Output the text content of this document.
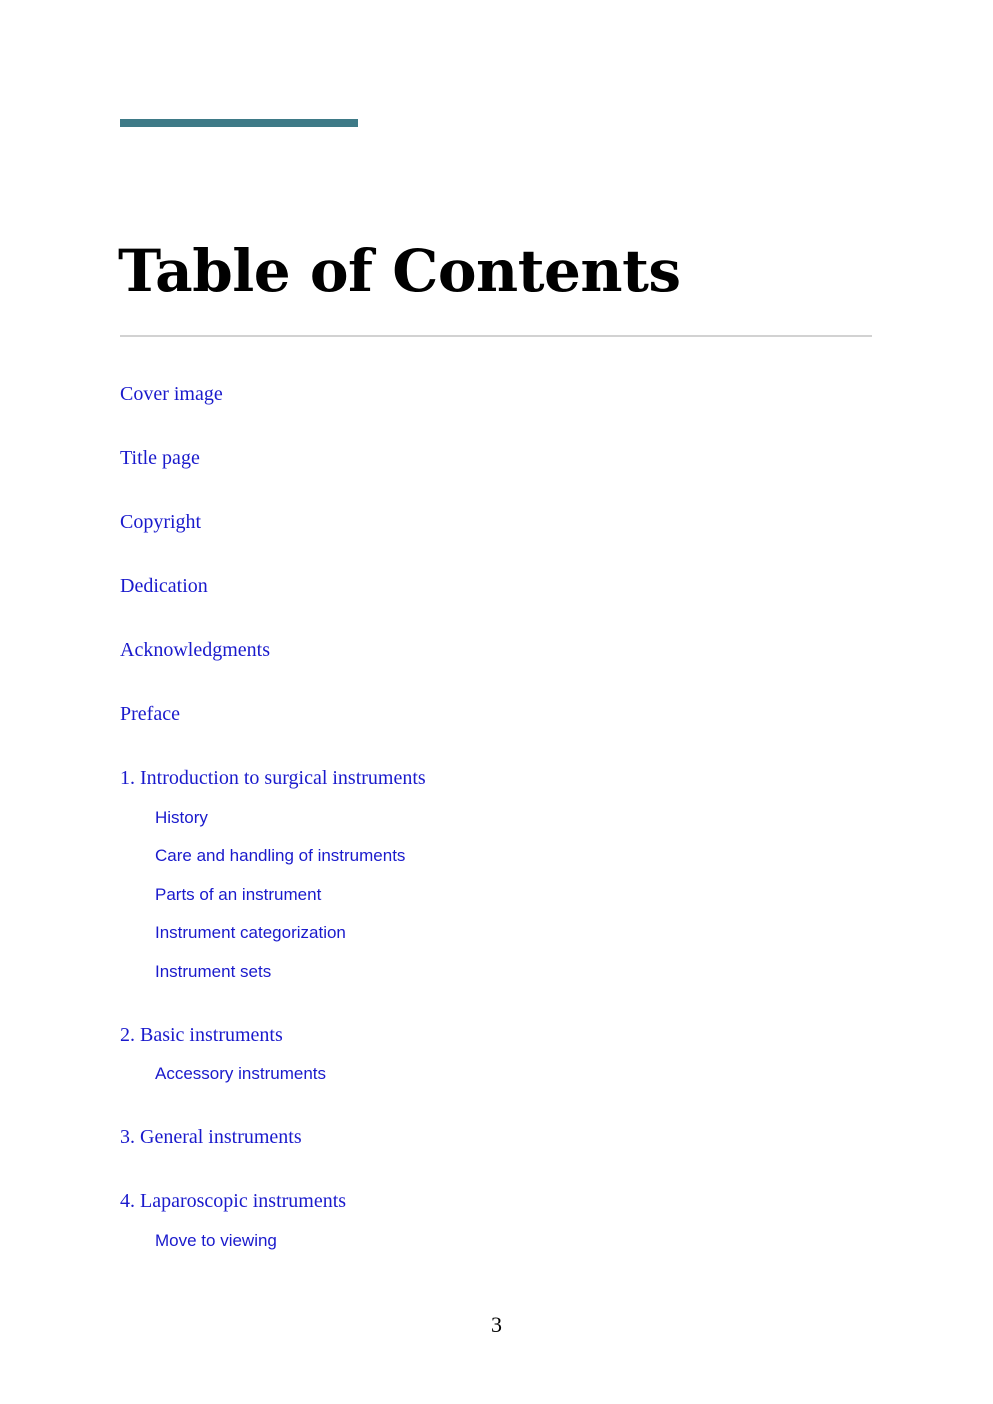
Table of Contents
Cover image
Title page
Copyright
Dedication
Acknowledgments
Preface
1. Introduction to surgical instruments
History
Care and handling of instruments
Parts of an instrument
Instrument categorization
Instrument sets
2. Basic instruments
Accessory instruments
3. General instruments
4. Laparoscopic instruments
Move to viewing
3
